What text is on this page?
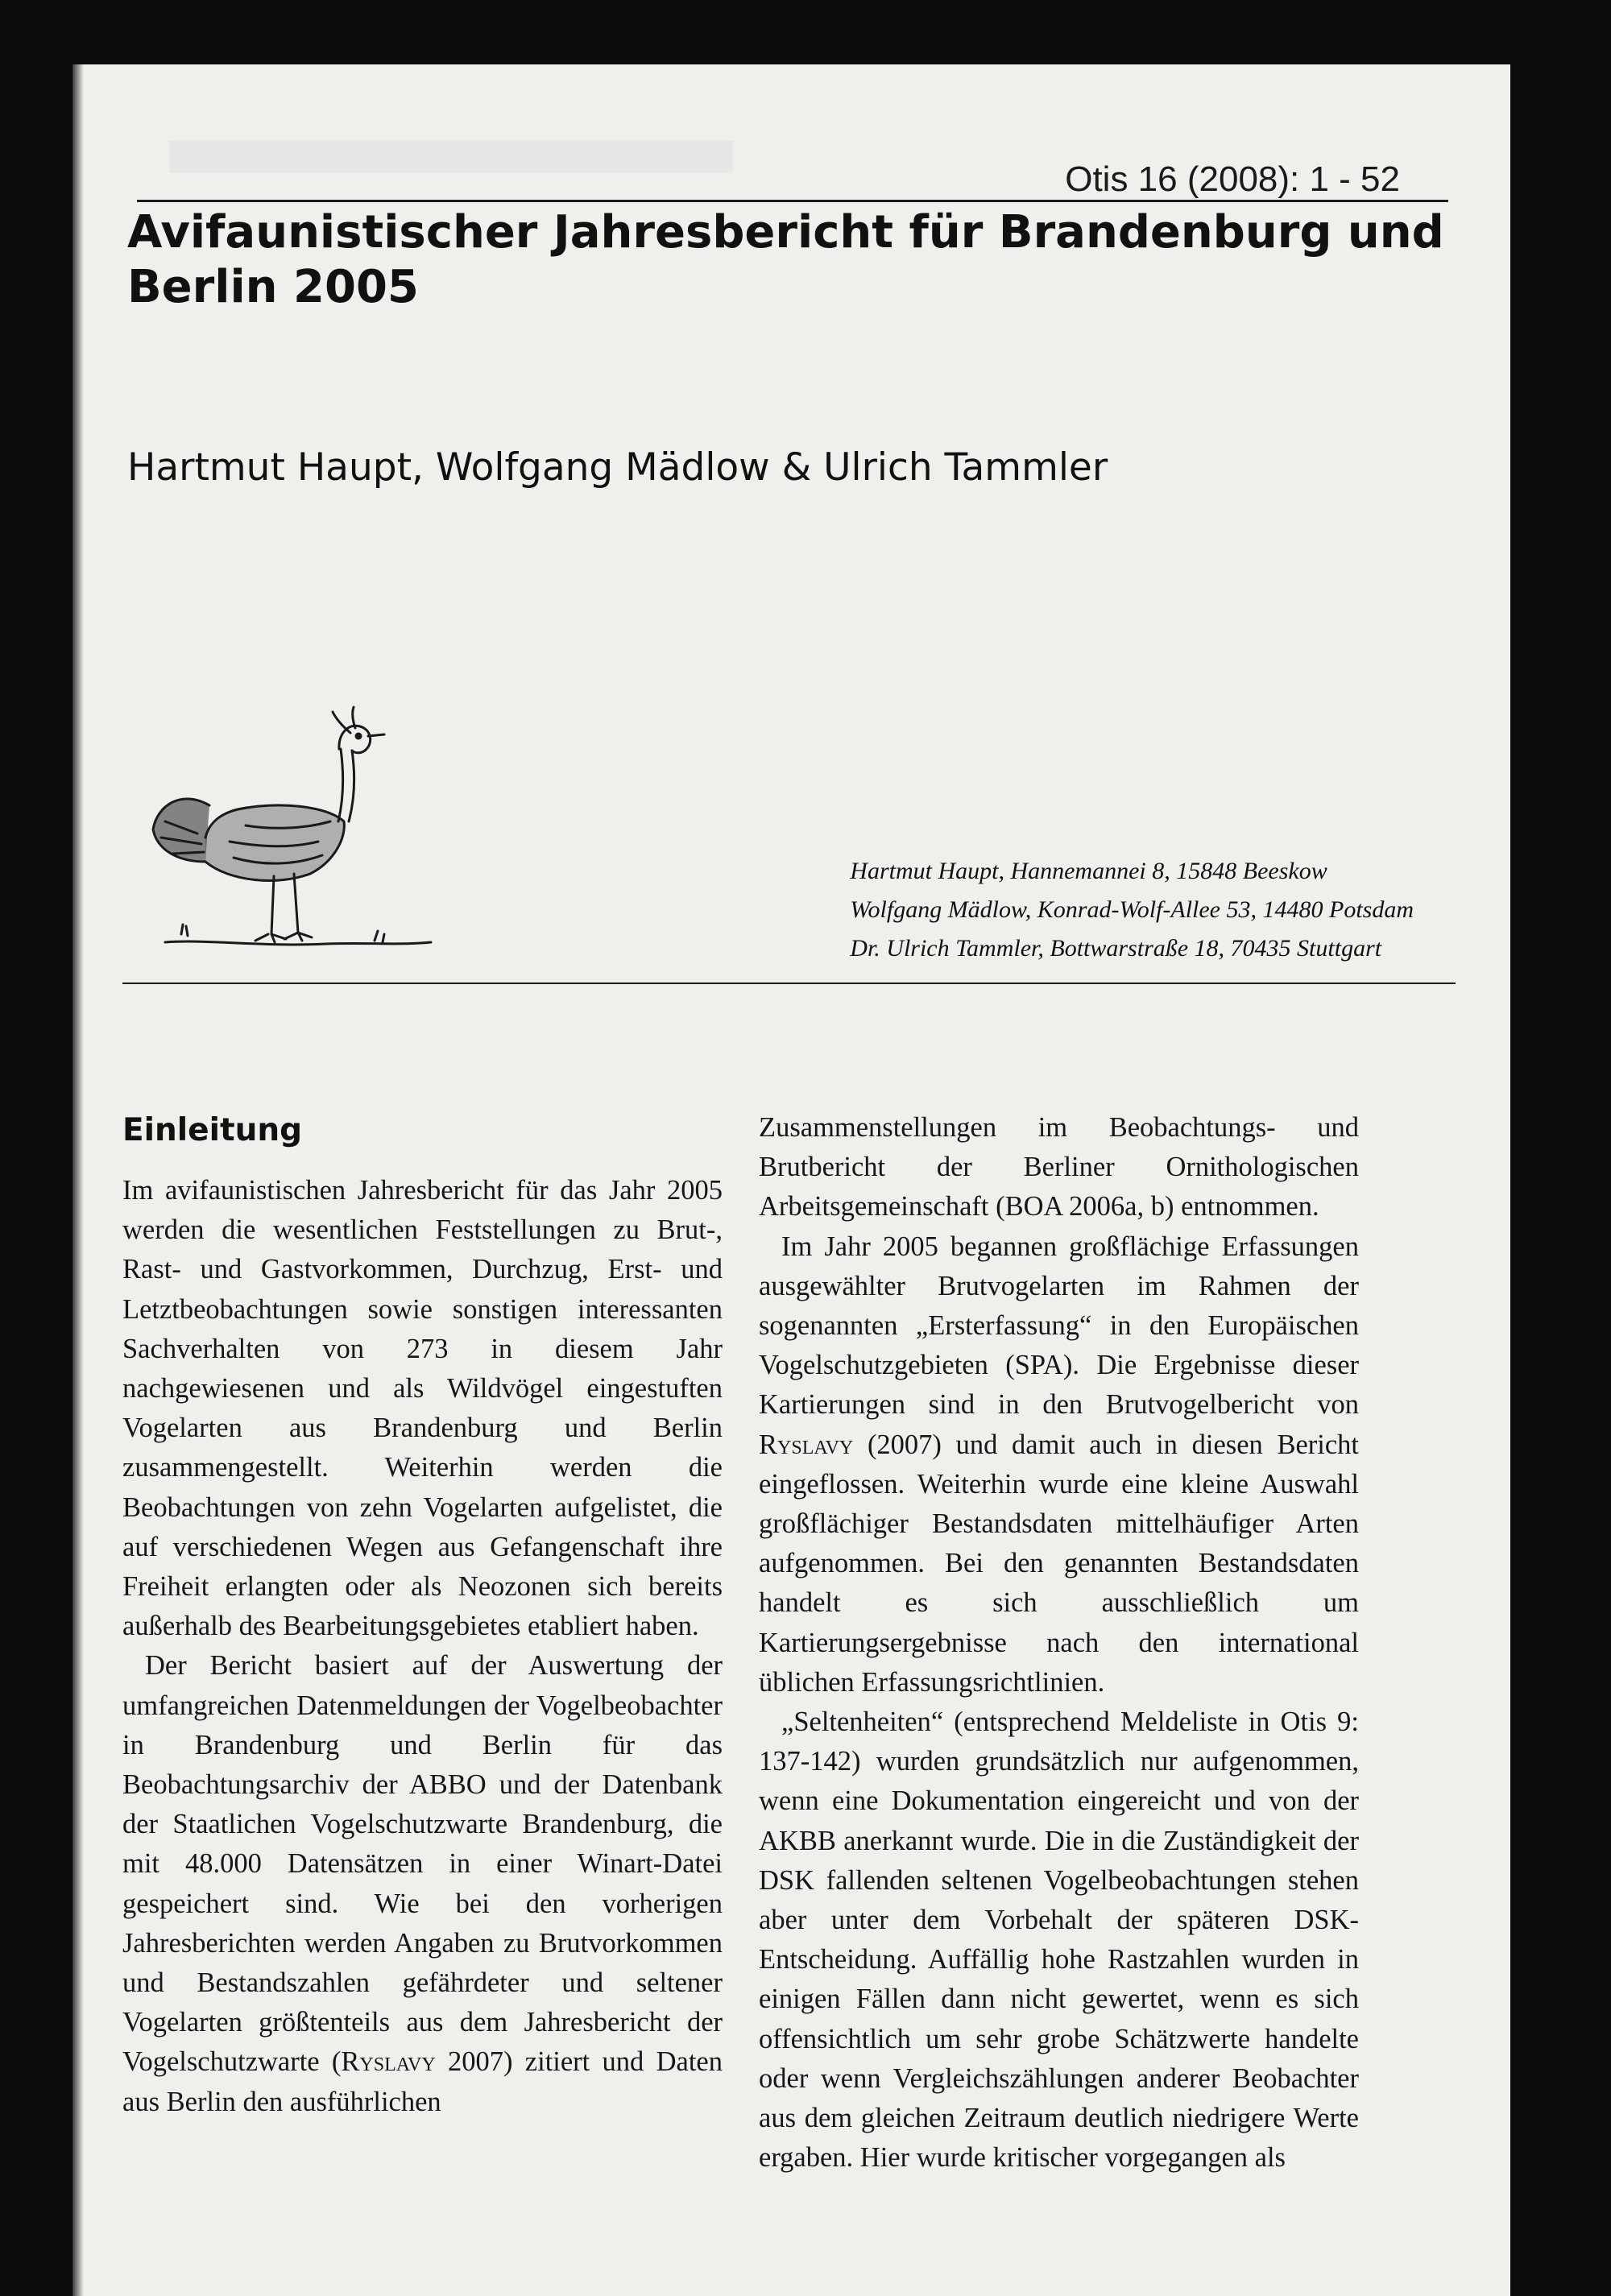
Otis 16 (2008): 1 - 52
Avifaunistischer Jahresbericht für Brandenburg und Berlin 2005
Hartmut Haupt, Wolfgang Mädlow & Ulrich Tammler
Hartmut Haupt, Hannemannei 8, 15848 Beeskow
Wolfgang Mädlow, Konrad-Wolf-Allee 53, 14480 Potsdam
Dr. Ulrich Tammler, Bottwarstraße 18, 70435 Stuttgart
Einleitung

Im avifaunistischen Jahresbericht für das Jahr 2005 werden die wesentlichen Feststellungen zu Brut-, Rast- und Gastvorkommen, Durchzug, Erst- und Letztbeobachtungen sowie sonstigen interessanten Sachverhalten von 273 in diesem Jahr nachgewiesenen und als Wildvögel eingestuften Vogelarten aus Brandenburg und Berlin zusammengestellt. Weiterhin werden die Beobachtungen von zehn Vogelarten aufgelistet, die auf verschiedenen Wegen aus Gefangenschaft ihre Freiheit erlangten oder als Neozonen sich bereits außerhalb des Bearbeitungsgebietes etabliert haben.

Der Bericht basiert auf der Auswertung der umfangreichen Datenmeldungen der Vogelbeobachter in Brandenburg und Berlin für das Beobachtungsarchiv der ABBO und der Datenbank der Staatlichen Vogelschutzwarte Brandenburg, die mit 48.000 Datensätzen in einer Winart-Datei gespeichert sind. Wie bei den vorherigen Jahresberichten werden Angaben zu Brutvorkommen und Bestandszahlen gefährdeter und seltener Vogelarten größtenteils aus dem Jahresbericht der Vogelschutzwarte (Ryslavy 2007) zitiert und Daten aus Berlin den ausführlichen

Zusammenstellungen im Beobachtungs- und Brutbericht der Berliner Ornithologischen Arbeitsgemeinschaft (BOA 2006a, b) entnommen.

Im Jahr 2005 begannen großflächige Erfassungen ausgewählter Brutvogelarten im Rahmen der sogenannten „Ersterfassung“ in den Europäischen Vogelschutzgebieten (SPA). Die Ergebnisse dieser Kartierungen sind in den Brutvogelbericht von Ryslavy (2007) und damit auch in diesen Bericht eingeflossen. Weiterhin wurde eine kleine Auswahl großflächiger Bestandsdaten mittelhäufiger Arten aufgenommen. Bei den genannten Bestandsdaten handelt es sich ausschließlich um Kartierungsergebnisse nach den international üblichen Erfassungsrichtlinien.

„Seltenheiten“ (entsprechend Meldeliste in Otis 9: 137-142) wurden grundsätzlich nur aufgenommen, wenn eine Dokumentation eingereicht und von der AKBB anerkannt wurde. Die in die Zuständigkeit der DSK fallenden seltenen Vogelbeobachtungen stehen aber unter dem Vorbehalt der späteren DSK-Entscheidung. Auffällig hohe Rastzahlen wurden in einigen Fällen dann nicht gewertet, wenn es sich offensichtlich um sehr grobe Schätzwerte handelte oder wenn Vergleichszählungen anderer Beobachter aus dem gleichen Zeitraum deutlich niedrigere Werte ergaben. Hier wurde kritischer vorgegangen als
